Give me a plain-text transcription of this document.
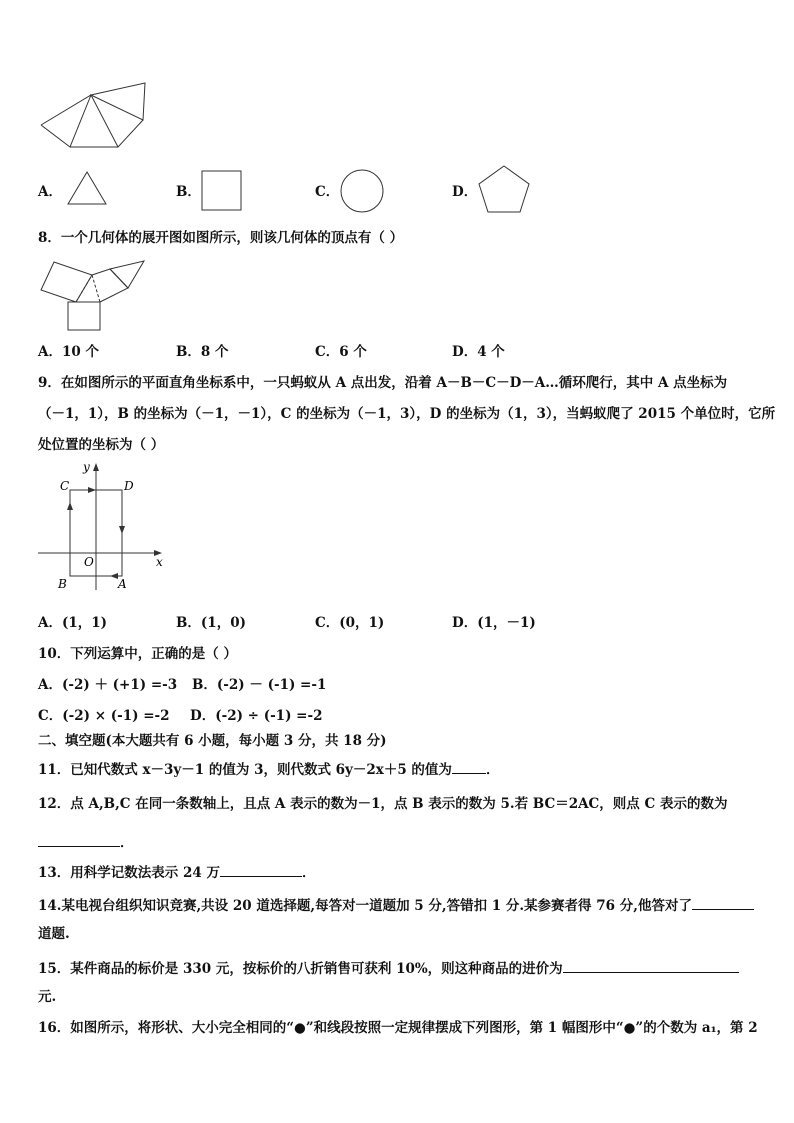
A．	B．	C．	D．
8．一个几何体的展开图如图所示，则该几何体的顶点有（ ）
A．10 个	B．8 个	C．6 个	D．4 个
9．在如图所示的平面直角坐标系中，一只蚂蚁从 A 点出发，沿着 A－B－C－D－A…循环爬行，其中 A 点坐标为
（－1，1），B 的坐标为（－1，－1），C 的坐标为（－1，3），D 的坐标为（1，3），当蚂蚁爬了 2015 个单位时，它所
处位置的坐标为（ ）
y
x
C	D
O
B	A
A．(1，1)	B．(1，0)	C．(0，1)	D．(1，－1)
10．下列运算中，正确的是（ ）
A．(-2) ＋ (+1) =-3 B．(-2) － (-1) =-1
C．(-2) × (-1) =-2 D．(-2) ÷ (-1) =-2
二、填空题(本大题共有 6 小题，每小题 3 分，共 18 分)
11．已知代数式 x－3y－1 的值为 3，则代数式 6y－2x＋5 的值为	．
12．点 A,B,C 在同一条数轴上，且点 A 表示的数为－1，点 B 表示的数为 5.若 BC＝2AC，则点 C 表示的数为
．
13．用科学记数法表示 24 万	．
14.某电视台组织知识竞赛,共设 20 道选择题,每答对一道题加 5 分,答错扣 1 分.某参赛者得 76 分,他答对了
道题.
15．某件商品的标价是 330 元，按标价的八折销售可获利 10%，则这种商品的进价为
元.
16．如图所示，将形状、大小完全相同的“●”和线段按照一定规律摆成下列图形，第 1 幅图形中“●”的个数为 a₁，第 2
